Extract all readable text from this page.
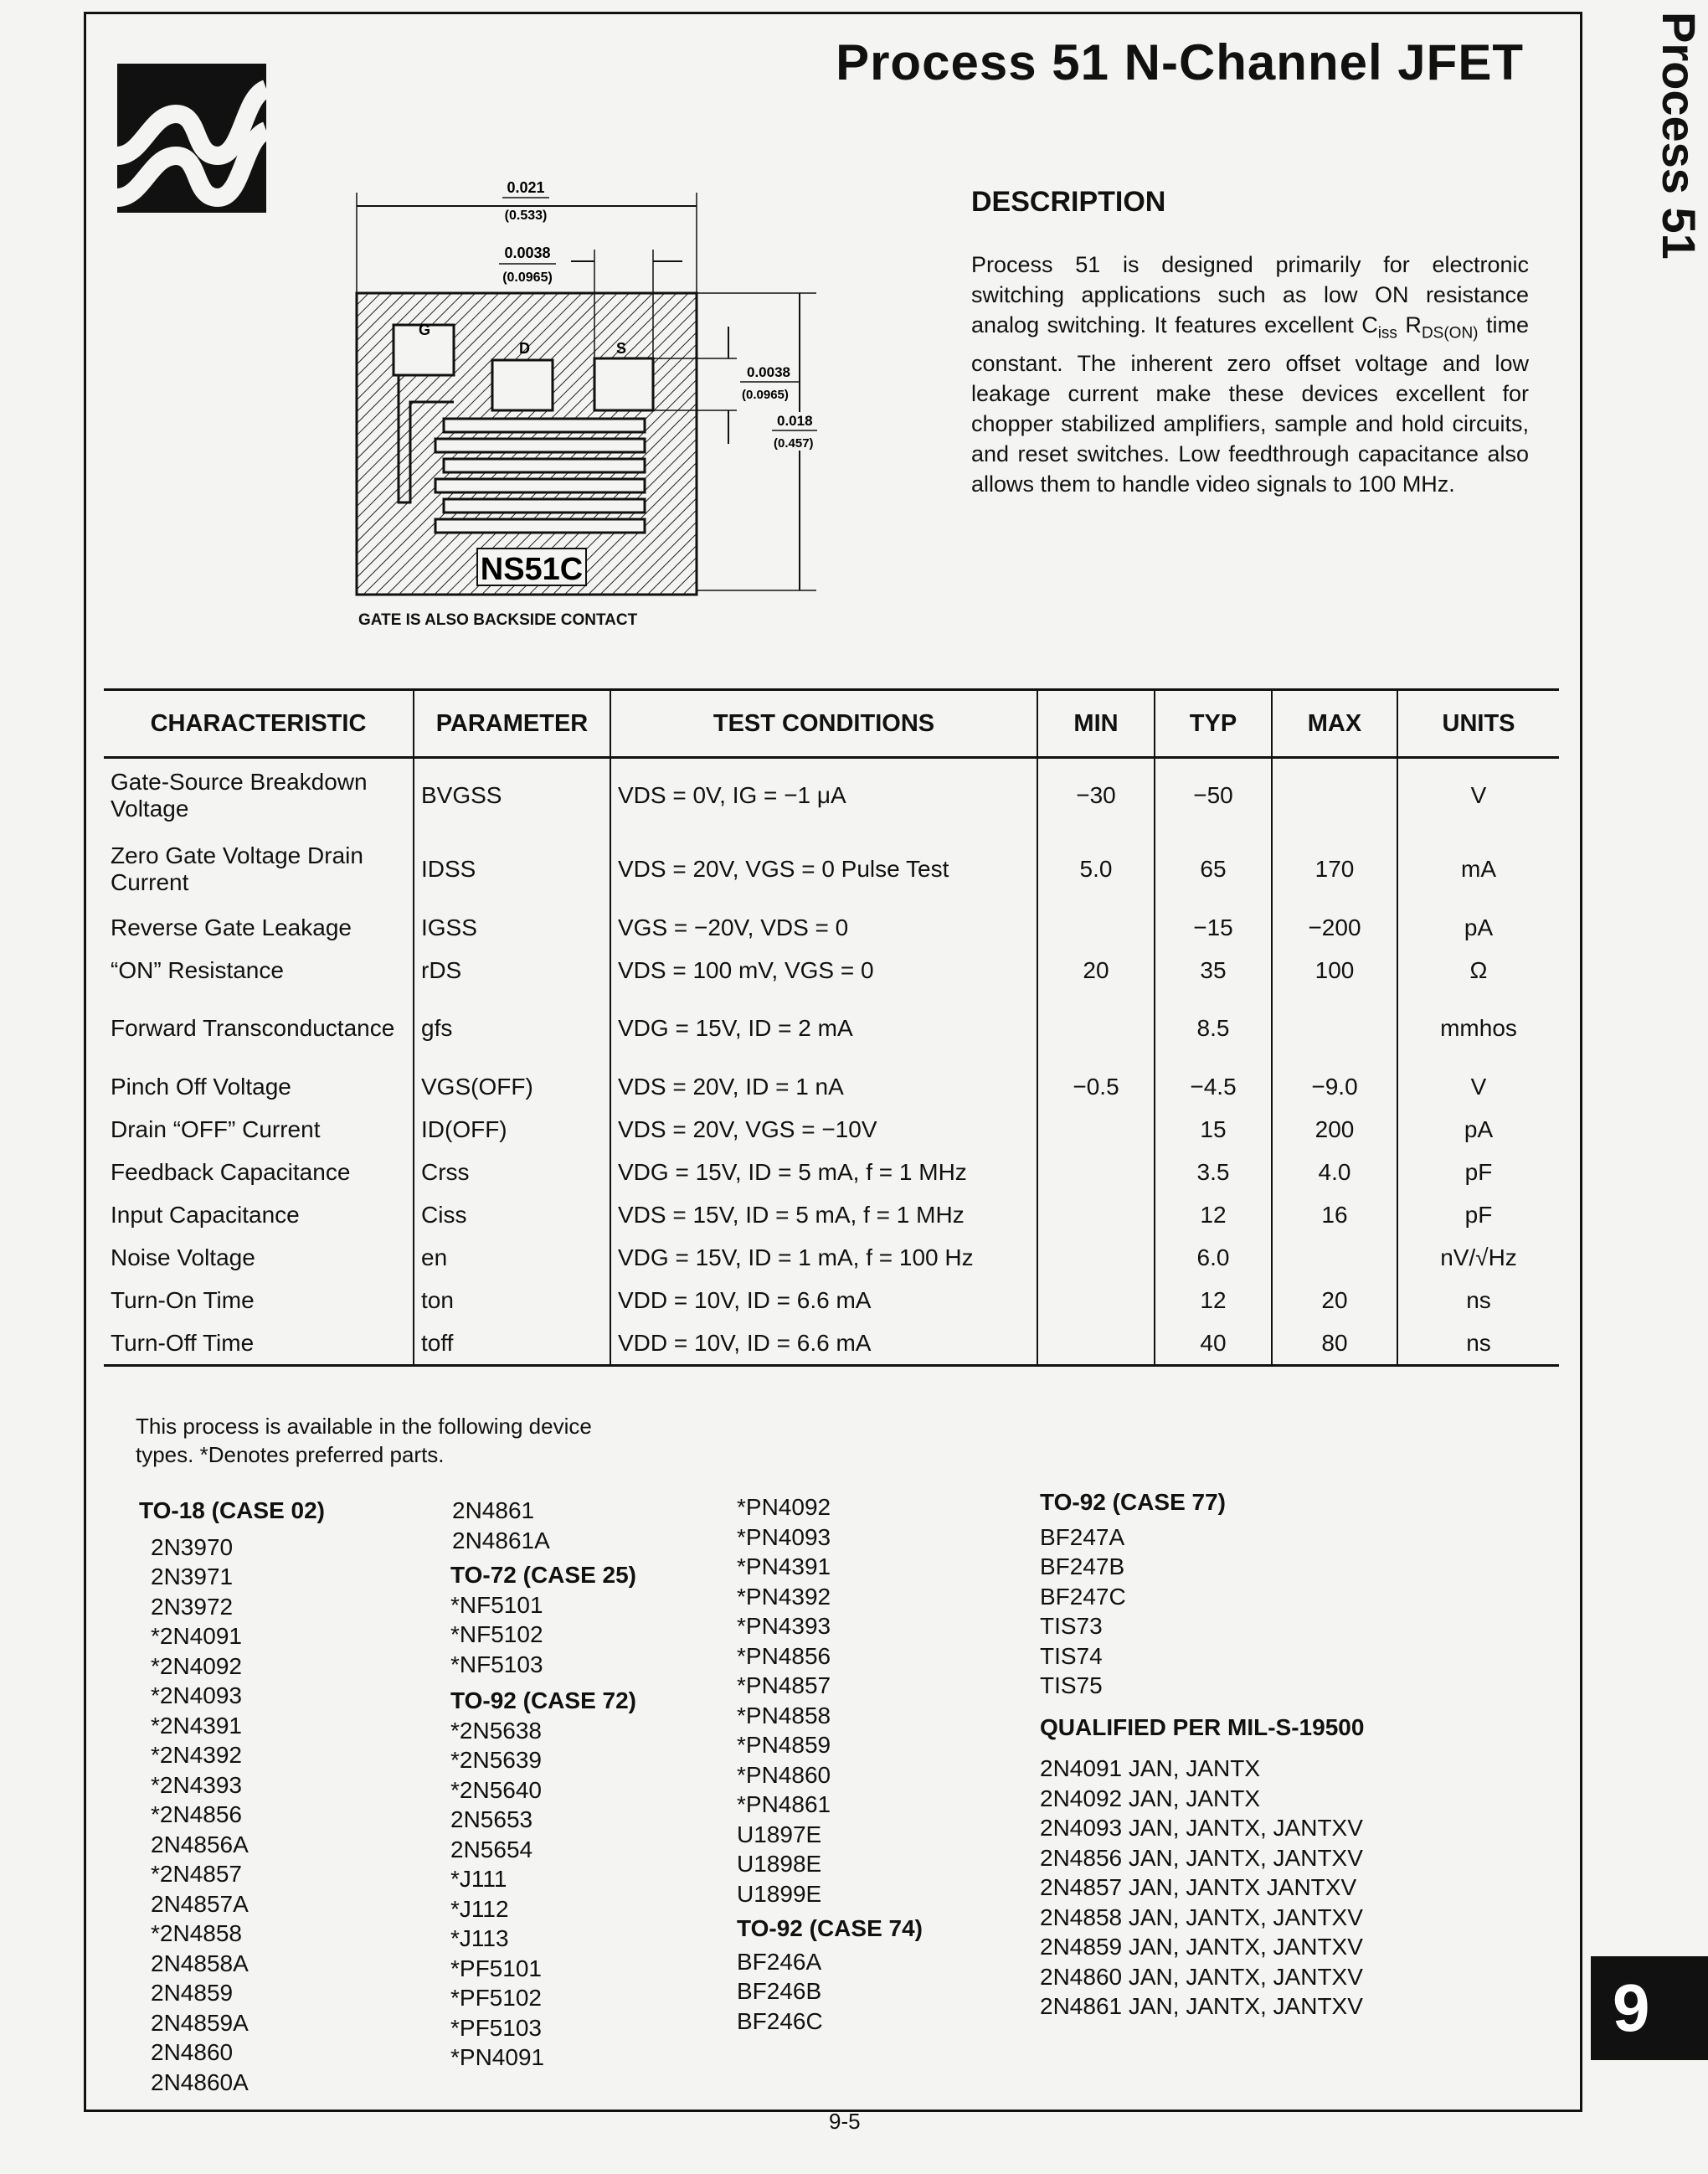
Process 51 N-Channel JFET	Process 51
9
NS51C
G
D	S
0.021
(0.533)
0.0038
(0.0965)
0.0038
(0.0965)
0.018
(0.457)
GATE IS ALSO BACKSIDE CONTACT
DESCRIPTION
Process 51 is designed primarily for electronic switching applications such as low ON resistance analog switching. It features excellent $C_{iss}$ $R_{DS(ON)}$ time constant. The inherent zero offset voltage and low leakage current make these devices excellent for chopper stabilized amplifiers, sample and hold circuits, and reset switches. Low feedthrough capacitance also allows them to handle video signals to 100 MHz.
CHARACTERISTIC	PARAMETER	TEST CONDITIONS	MIN	TYP	MAX	UNITS
Gate-Source Breakdown Voltage	BVGSS	VDS = 0V, IG = −1 μA	−30	−50		V
Zero Gate Voltage Drain Current	IDSS	VDS = 20V, VGS = 0 Pulse Test	5.0	65	170	mA
Reverse Gate Leakage	IGSS	VGS = −20V, VDS = 0		−15	−200	pA
“ON” Resistance	rDS	VDS = 100 mV, VGS = 0	20	35	100	Ω
Forward Transconductance	gfs	VDG = 15V, ID = 2 mA		8.5		mmhos
Pinch Off Voltage	VGS(OFF)	VDS = 20V, ID = 1 nA	−0.5	−4.5	−9.0	V
Drain “OFF” Current	ID(OFF)	VDS = 20V, VGS = −10V		15	200	pA
Feedback Capacitance	Crss	VDG = 15V, ID = 5 mA, f = 1 MHz		3.5	4.0	pF
Input Capacitance	Ciss	VDS = 15V, ID = 5 mA, f = 1 MHz		12	16	pF
Noise Voltage	en	VDG = 15V, ID = 1 mA, f = 100 Hz		6.0		nV/√Hz
Turn-On Time	ton	VDD = 10V, ID = 6.6 mA		12	20	ns
Turn-Off Time	toff	VDD = 10V, ID = 6.6 mA		40	80	ns
This process is available in the following device
types. *Denotes preferred parts.
TO-18 (CASE 02)
2N3970
2N3971
2N3972
*2N4091
*2N4092
*2N4093
*2N4391
*2N4392
*2N4393
*2N4856
2N4856A
*2N4857
2N4857A
*2N4858
2N4858A
2N4859
2N4859A
2N4860
2N4860A
2N4861
2N4861A
TO-72 (CASE 25)
*NF5101
*NF5102
*NF5103
TO-92 (CASE 72)
*2N5638
*2N5639
*2N5640
2N5653
2N5654
*J111
*J112
*J113
*PF5101
*PF5102
*PF5103
*PN4091
*PN4092
*PN4093
*PN4391
*PN4392
*PN4393
*PN4856
*PN4857
*PN4858
*PN4859
*PN4860
*PN4861
U1897E
U1898E
U1899E
TO-92 (CASE 74)
BF246A
BF246B
BF246C
TO-92 (CASE 77)
BF247A
BF247B
BF247C
TIS73
TIS74
TIS75
QUALIFIED PER MIL-S-19500
2N4091 JAN, JANTX
2N4092 JAN, JANTX
2N4093 JAN, JANTX, JANTXV
2N4856 JAN, JANTX, JANTXV
2N4857 JAN, JANTX JANTXV
2N4858 JAN, JANTX, JANTXV
2N4859 JAN, JANTX, JANTXV
2N4860 JAN, JANTX, JANTXV
2N4861 JAN, JANTX, JANTXV
9-5
